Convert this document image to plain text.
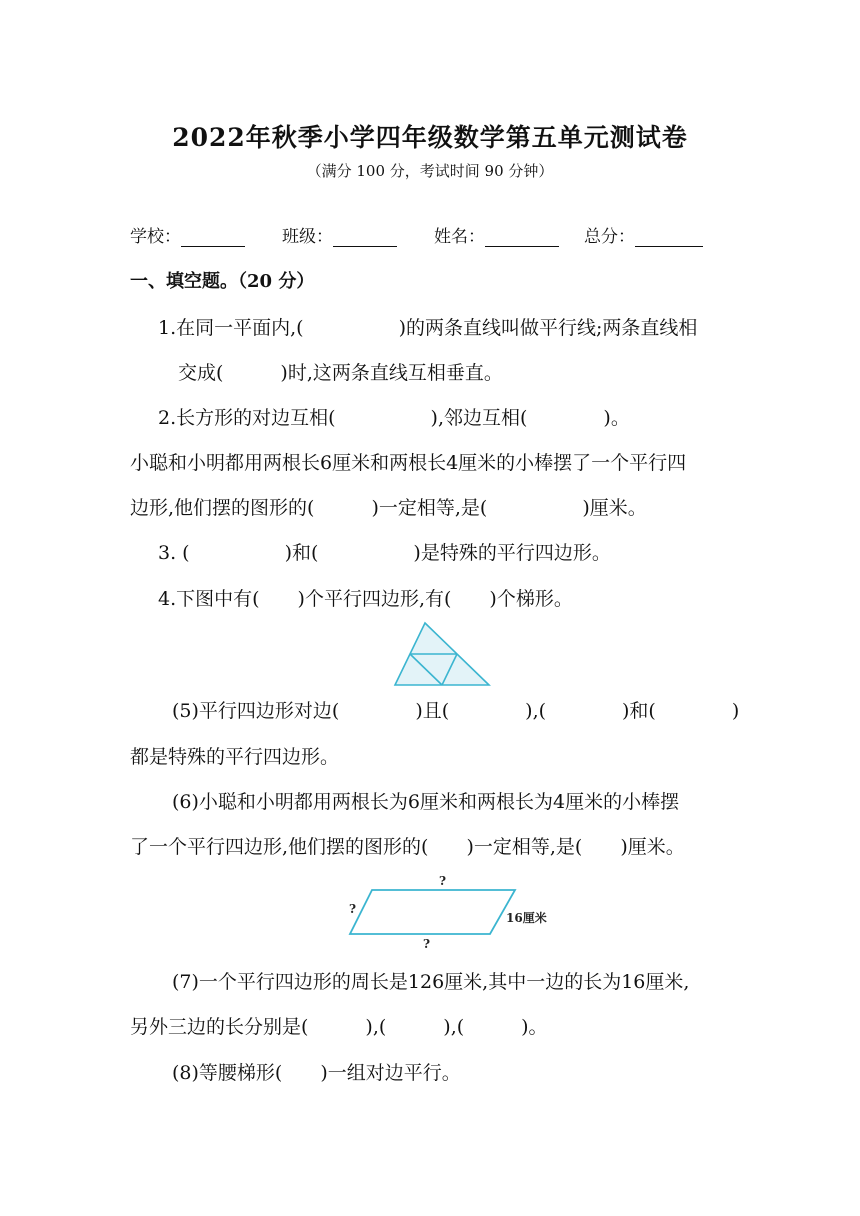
2022年秋季小学四年级数学第五单元测试卷
（满分 100 分，考试时间 90 分钟）
学校：	班级：	姓名：	总分：
一、填空题。（20 分）
1.在同一平面内,(　　　　　)的两条直线叫做平行线;两条直线相
交成(　　　)时,这两条直线互相垂直。
2.长方形的对边互相(　　　　　),邻边互相(　　　　)。
小聪和小明都用两根长6厘米和两根长4厘米的小棒摆了一个平行四
边形,他们摆的图形的(　　　)一定相等,是(　　　　　)厘米。
3. (　　　　　)和(　　　　　)是特殊的平行四边形。
4.下图中有(　　)个平行四边形,有(　　)个梯形。
(5)平行四边形对边(　　　　)且(　　　　),(　　　　)和(　　　　)
都是特殊的平行四边形。
(6)小聪和小明都用两根长为6厘米和两根长为4厘米的小棒摆
了一个平行四边形,他们摆的图形的(　　)一定相等,是(　　)厘米。
?
?
?
16厘米
(7)一个平行四边形的周长是126厘米,其中一边的长为16厘米,
另外三边的长分别是(　　　),(　　　),(　　　)。
(8)等腰梯形(　　)一组对边平行。
